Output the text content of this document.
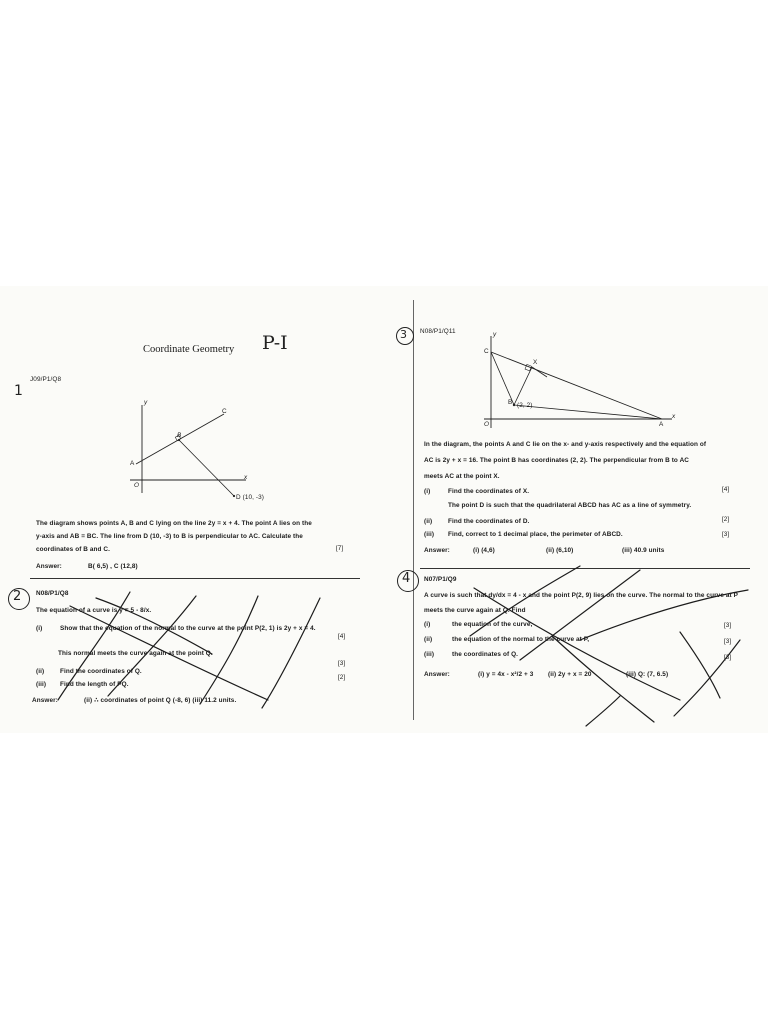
Coordinate Geometry P-I
1
J09/P1/Q8
y
x
A
B
C
O
D (10, -3)
The diagram shows points A, B and C lying on the line 2y = x + 4. The point A lies on the
y-axis and AB = BC. The line from D (10, -3) to B is perpendicular to AC. Calculate the
coordinates of B and C.	[7]
Answer:	B( 6,5) , C (12,8)
2 N08/P1/Q8
The equation of a curve is y = 5 - 8/x.
(i)	Show that the equation of the normal to the curve at the point P(2, 1) is 2y + x = 4.
[4]
This normal meets the curve again at the point Q.
(ii) Find the coordinates of Q.
[3]
(iii) Find the length of PQ.
[2]
Answer:	(ii) ∴ coordinates of point Q (-8, 6) (iii) 11.2 units.
3 N08/P1/Q11	y
C
X
B (2, 2)
A
O
x
In the diagram, the points A and C lie on the x- and y-axis respectively and the equation of
AC is 2y + x = 16. The point B has coordinates (2, 2). The perpendicular from B to AC
meets AC at the point X.
(i)	Find the coordinates of X.	[4]
The point D is such that the quadrilateral ABCD has AC as a line of symmetry.
(ii) Find the coordinates of D.	[2]
(iii) Find, correct to 1 decimal place, the perimeter of ABCD.	[3]
Answer:	(i) (4,6)	(ii) (6,10)	(iii) 40.9 units
4 N07/P1/Q9
A curve is such that dy/dx = 4 - x and the point P(2, 9) lies on the curve. The normal to the curve at P
meets the curve again at Q. Find
(i)	the equation of the curve,	[3]
(ii)	the equation of the normal to the curve at P,	[3]
(iii)	the coordinates of Q.	[3]
Answer:	(i) y = 4x - x²/2 + 3 (ii) 2y + x = 20	(iii) Q: (7, 6.5)
